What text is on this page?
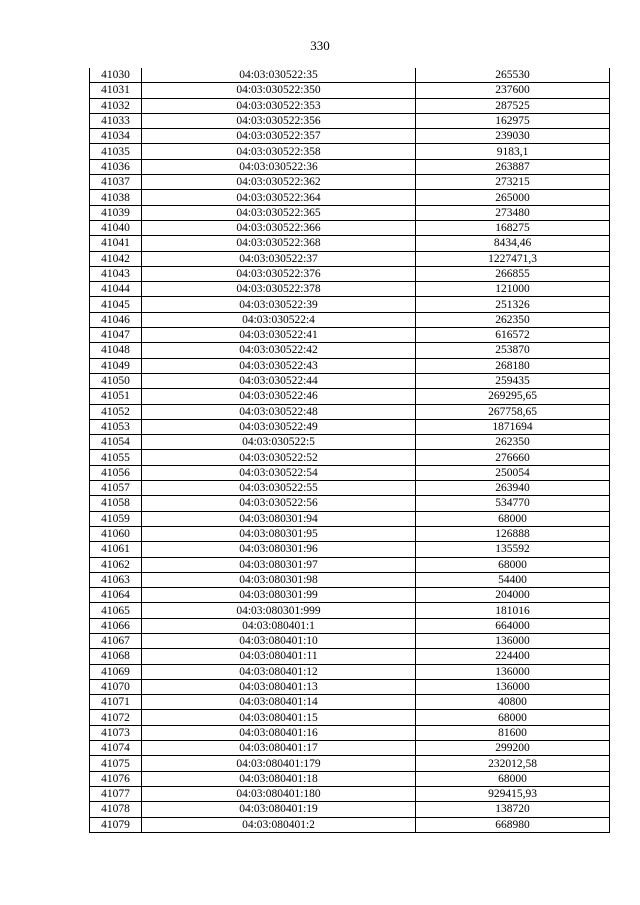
330
41030	04:03:030522:35	265530
41031	04:03:030522:350	237600
41032	04:03:030522:353	287525
41033	04:03:030522:356	162975
41034	04:03:030522:357	239030
41035	04:03:030522:358	9183,1
41036	04:03:030522:36	263887
41037	04:03:030522:362	273215
41038	04:03:030522:364	265000
41039	04:03:030522:365	273480
41040	04:03:030522:366	168275
41041	04:03:030522:368	8434,46
41042	04:03:030522:37	1227471,3
41043	04:03:030522:376	266855
41044	04:03:030522:378	121000
41045	04:03:030522:39	251326
41046	04:03:030522:4	262350
41047	04:03:030522:41	616572
41048	04:03:030522:42	253870
41049	04:03:030522:43	268180
41050	04:03:030522:44	259435
41051	04:03:030522:46	269295,65
41052	04:03:030522:48	267758,65
41053	04:03:030522:49	1871694
41054	04:03:030522:5	262350
41055	04:03:030522:52	276660
41056	04:03:030522:54	250054
41057	04:03:030522:55	263940
41058	04:03:030522:56	534770
41059	04:03:080301:94	68000
41060	04:03:080301:95	126888
41061	04:03:080301:96	135592
41062	04:03:080301:97	68000
41063	04:03:080301:98	54400
41064	04:03:080301:99	204000
41065	04:03:080301:999	181016
41066	04:03:080401:1	664000
41067	04:03:080401:10	136000
41068	04:03:080401:11	224400
41069	04:03:080401:12	136000
41070	04:03:080401:13	136000
41071	04:03:080401:14	40800
41072	04:03:080401:15	68000
41073	04:03:080401:16	81600
41074	04:03:080401:17	299200
41075	04:03:080401:179	232012,58
41076	04:03:080401:18	68000
41077	04:03:080401:180	929415,93
41078	04:03:080401:19	138720
41079	04:03:080401:2	668980
